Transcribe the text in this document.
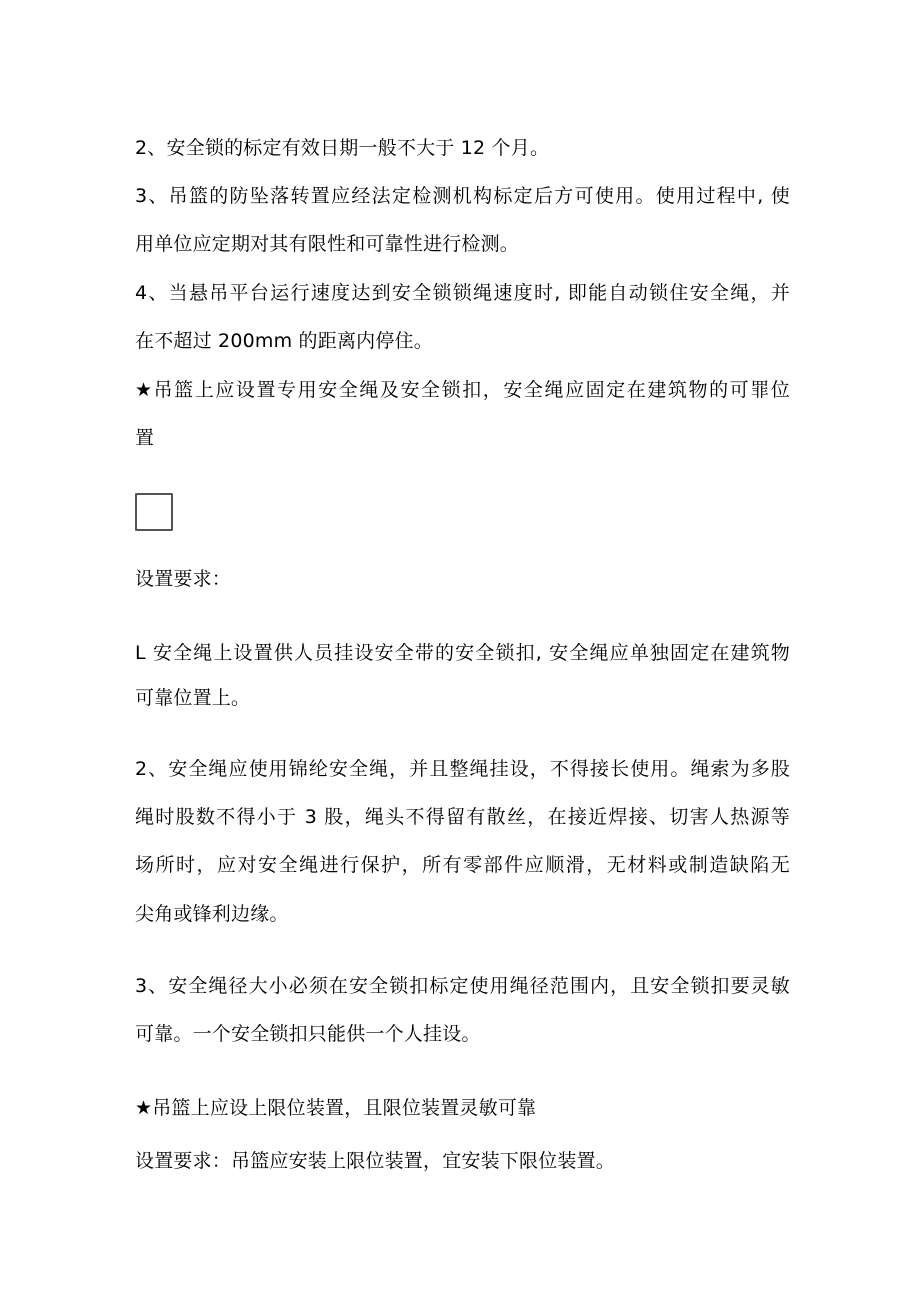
2、安全锁的标定有效日期一般不大于 12 个月。
3、吊篮的防坠落转置应经法定检测机构标定后方可使用。使用过程中, 使
用单位应定期对其有限性和可靠性进行检测。
4、当悬吊平台运行速度达到安全锁锁绳速度时, 即能自动锁住安全绳，并
在不超过 200mm 的距离内停住。
★吊篮上应设置专用安全绳及安全锁扣，安全绳应固定在建筑物的可罪位
置
设置要求：
L 安全绳上设置供人员挂设安全带的安全锁扣, 安全绳应单独固定在建筑物
可靠位置上。
2、安全绳应使用锦纶安全绳，并且整绳挂设，不得接长使用。绳索为多股
绳时股数不得小于 3 股，绳头不得留有散丝，在接近焊接、切害人热源等
场所时，应对安全绳进行保护，所有零部件应顺滑，无材料或制造缺陷无
尖角或锋利边缘。
3、安全绳径大小必须在安全锁扣标定使用绳径范围内，且安全锁扣要灵敏
可靠。一个安全锁扣只能供一个人挂设。
★吊篮上应设上限位装置，且限位装置灵敏可靠
设置要求：吊篮应安装上限位装置，宜安装下限位装置。
